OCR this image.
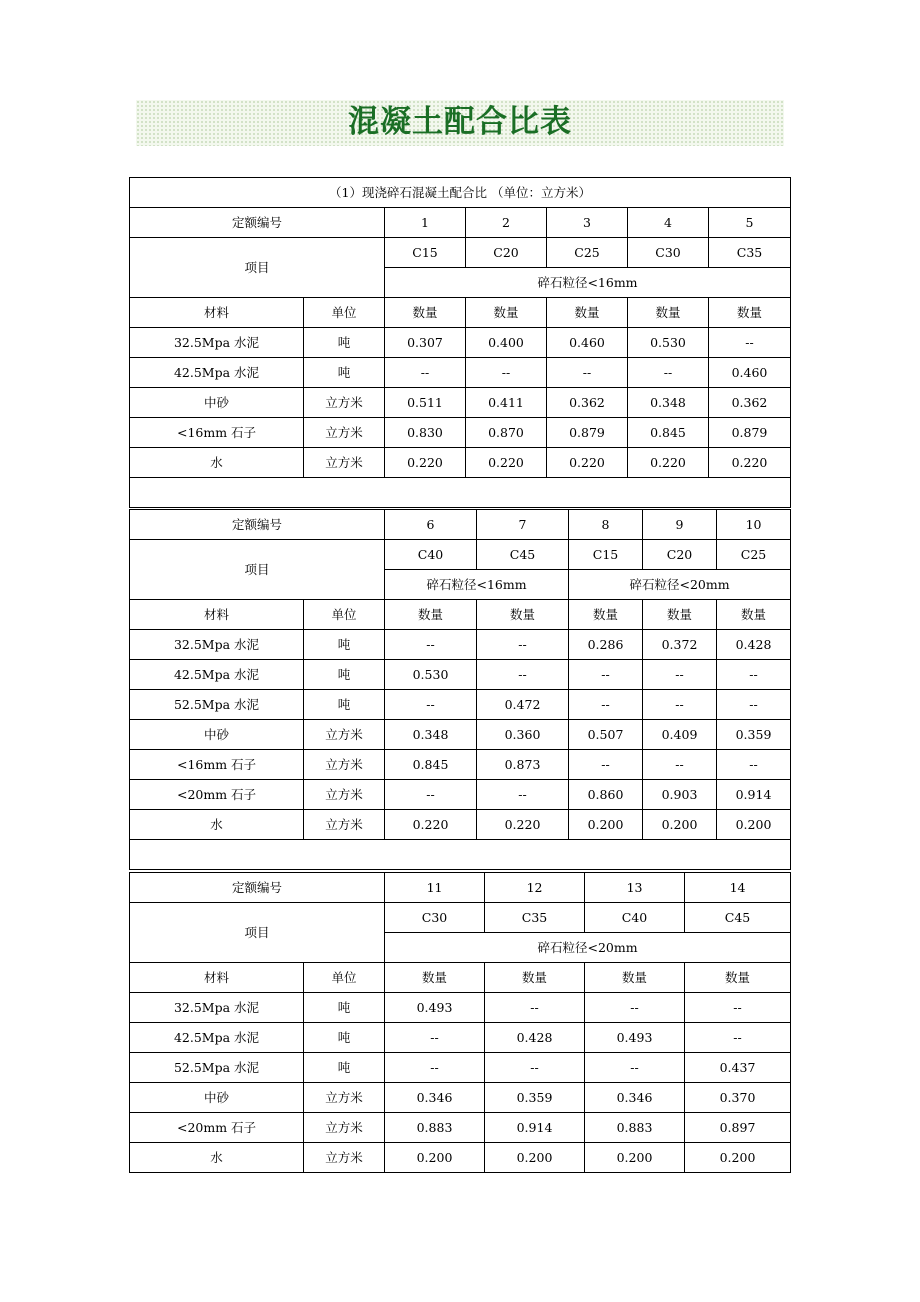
混凝土配合比表
（1）现浇碎石混凝土配合比 （单位：立方米）						
定额编号		1	2	3	4	5
项目		C15	C20	C25	C30	C35
		碎石粒径<16mm				
材料	单位	数量	数量	数量	数量	数量
32.5Mpa 水泥	吨	0.307	0.400	0.460	0.530	--
42.5Mpa 水泥	吨	--	--	--	--	0.460
中砂	立方米	0.511	0.411	0.362	0.348	0.362
<16mm 石子	立方米	0.830	0.870	0.879	0.845	0.879
水	立方米	0.220	0.220	0.220	0.220	0.220

定额编号		6	7	8	9	10
项目		C40	C45	C15	C20	C25
		碎石粒径<16mm		碎石粒径<20mm		
材料	单位	数量	数量	数量	数量	数量
32.5Mpa 水泥	吨	--	--	0.286	0.372	0.428
42.5Mpa 水泥	吨	0.530	--	--	--	--
52.5Mpa 水泥	吨	--	0.472	--	--	--
中砂	立方米	0.348	0.360	0.507	0.409	0.359
<16mm 石子	立方米	0.845	0.873	--	--	--
<20mm 石子	立方米	--	--	0.860	0.903	0.914
水	立方米	0.220	0.220	0.200	0.200	0.200

定额编号		11	12	13	14
项目		C30	C35	C40	C45
		碎石粒径<20mm			
材料	单位	数量	数量	数量	数量
32.5Mpa 水泥	吨	0.493	--	--	--
42.5Mpa 水泥	吨	--	0.428	0.493	--
52.5Mpa 水泥	吨	--	--	--	0.437
中砂	立方米	0.346	0.359	0.346	0.370
<20mm 石子	立方米	0.883	0.914	0.883	0.897
水	立方米	0.200	0.200	0.200	0.200
